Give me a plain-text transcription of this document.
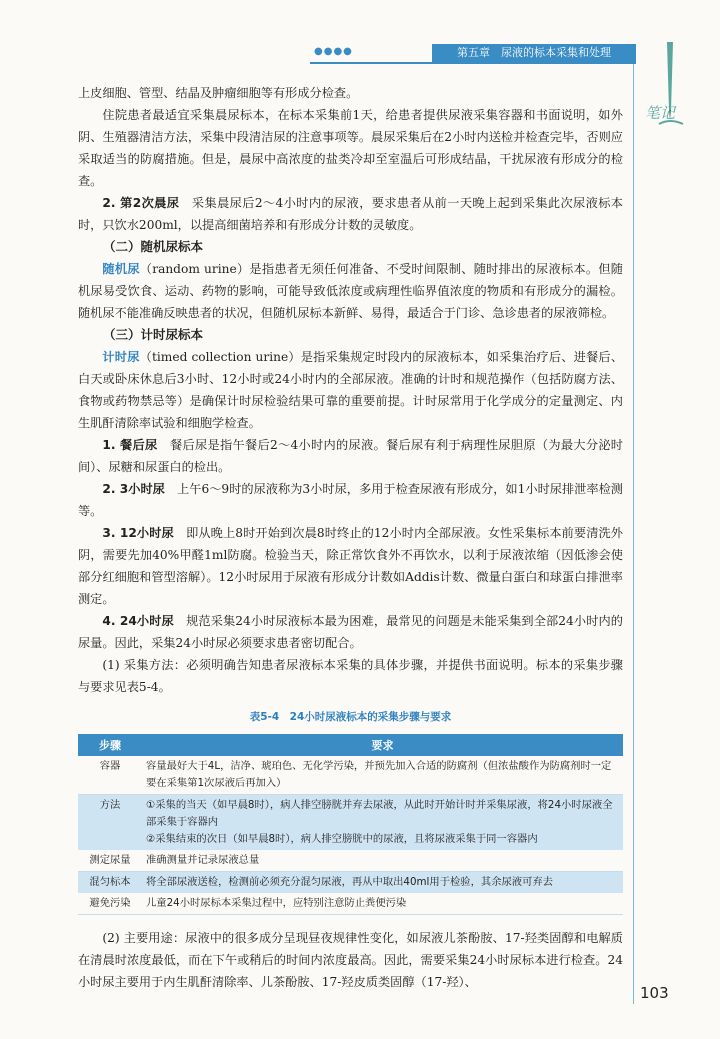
●●●●	第五章　尿液的标本采集和处理
笔记

上皮细胞、管型、结晶及肿瘤细胞等有形成分检查。

住院患者最适宜采集晨尿标本，在标本采集前1天，给患者提供尿液采集容器和书面说明，如外阴、生殖器清洁方法，采集中段清洁尿的注意事项等。晨尿采集后在2小时内送检并检查完毕，否则应采取适当的防腐措施。但是，晨尿中高浓度的盐类冷却至室温后可形成结晶，干扰尿液有形成分的检查。

2. 第2次晨尿　采集晨尿后2～4小时内的尿液，要求患者从前一天晚上起到采集此次尿液标本时，只饮水200ml，以提高细菌培养和有形成分计数的灵敏度。

（二）随机尿标本

随机尿（random urine）是指患者无须任何准备、不受时间限制、随时排出的尿液标本。但随机尿易受饮食、运动、药物的影响，可能导致低浓度或病理性临界值浓度的物质和有形成分的漏检。随机尿不能准确反映患者的状况，但随机尿标本新鲜、易得，最适合于门诊、急诊患者的尿液筛检。

（三）计时尿标本

计时尿（timed collection urine）是指采集规定时段内的尿液标本，如采集治疗后、进餐后、白天或卧床休息后3小时、12小时或24小时内的全部尿液。准确的计时和规范操作（包括防腐方法、食物或药物禁忌等）是确保计时尿检验结果可靠的重要前提。计时尿常用于化学成分的定量测定、内生肌酐清除率试验和细胞学检查。

1. 餐后尿　餐后尿是指午餐后2～4小时内的尿液。餐后尿有利于病理性尿胆原（为最大分泌时间）、尿糖和尿蛋白的检出。

2. 3小时尿　上午6～9时的尿液称为3小时尿，多用于检查尿液有形成分，如1小时尿排泄率检测等。

3. 12小时尿　即从晚上8时开始到次晨8时终止的12小时内全部尿液。女性采集标本前要清洗外阴，需要先加40%甲醛1ml防腐。检验当天，除正常饮食外不再饮水，以利于尿液浓缩（因低渗会使部分红细胞和管型溶解）。12小时尿用于尿液有形成分计数如Addis计数、微量白蛋白和球蛋白排泄率测定。

4. 24小时尿　规范采集24小时尿液标本最为困难，最常见的问题是未能采集到全部24小时内的尿量。因此，采集24小时尿必须要求患者密切配合。

(1) 采集方法：必须明确告知患者尿液标本采集的具体步骤，并提供书面说明。标本的采集步骤与要求见表5-4。

表5-4　24小时尿液标本的采集步骤与要求
步骤	要求
容器	容量最好大于4L，洁净、琥珀色、无化学污染，并预先加入合适的防腐剂（但浓盐酸作为防腐剂时一定要在采集第1次尿液后再加入）
方法	①采集的当天（如早晨8时），病人排空膀胱并弃去尿液，从此时开始计时并采集尿液，将24小时尿液全部采集于容器内
②采集结束的次日（如早晨8时），病人排空膀胱中的尿液，且将尿液采集于同一容器内

测定尿量	准确测量并记录尿液总量
混匀标本	将全部尿液送检，检测前必须充分混匀尿液，再从中取出40ml用于检验，其余尿液可弃去
避免污染	儿童24小时尿标本采集过程中，应特别注意防止粪便污染

(2) 主要用途：尿液中的很多成分呈现昼夜规律性变化，如尿液儿茶酚胺、17-羟类固醇和电解质在清晨时浓度最低，而在下午或稍后的时间内浓度最高。因此，需要采集24小时尿标本进行检查。24小时尿主要用于内生肌酐清除率、儿茶酚胺、17-羟皮质类固醇（17-羟）、

103
